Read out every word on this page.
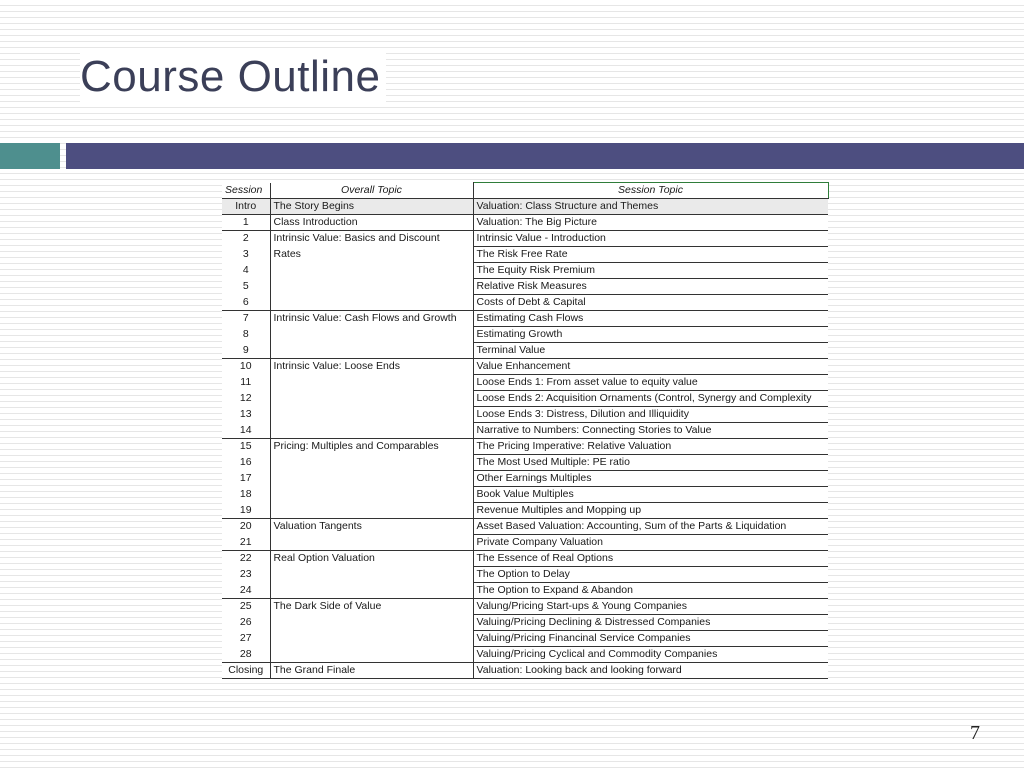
Course Outline
Session	Overall Topic	Session Topic
Intro	The Story Begins	Valuation: Class Structure and Themes
1	Class Introduction	Valuation: The Big Picture
2	Intrinsic Value: Basics and Discount	Intrinsic Value - Introduction
3	Rates	The Risk Free Rate
4		The Equity Risk Premium
5		Relative Risk Measures
6		Costs of Debt & Capital
7	Intrinsic Value: Cash Flows and Growth	Estimating Cash Flows
8		Estimating Growth
9		Terminal Value
10	Intrinsic Value: Loose Ends	Value Enhancement
11		Loose Ends 1: From asset value to equity value
12		Loose Ends 2: Acquisition Ornaments (Control, Synergy and Complexity
13		Loose Ends 3: Distress, Dilution and Illiquidity
14		Narrative to Numbers: Connecting Stories to Value
15	Pricing: Multiples and Comparables	The Pricing Imperative: Relative Valuation
16		The Most Used Multiple: PE ratio
17		Other Earnings Multiples
18		Book Value Multiples
19		Revenue Multiples and Mopping up
20	Valuation Tangents	Asset Based Valuation: Accounting, Sum of the Parts & Liquidation
21		Private Company Valuation
22	Real Option Valuation	The Essence of Real Options
23		The Option to Delay
24		The Option to Expand & Abandon
25	The Dark Side of Value	Valung/Pricing Start-ups & Young Companies
26		Valuing/Pricing Declining & Distressed Companies
27		Valuing/Pricing Financinal Service Companies
28		Valuing/Pricing Cyclical and Commodity Companies
Closing	The Grand Finale	Valuation: Looking back and looking forward
7
